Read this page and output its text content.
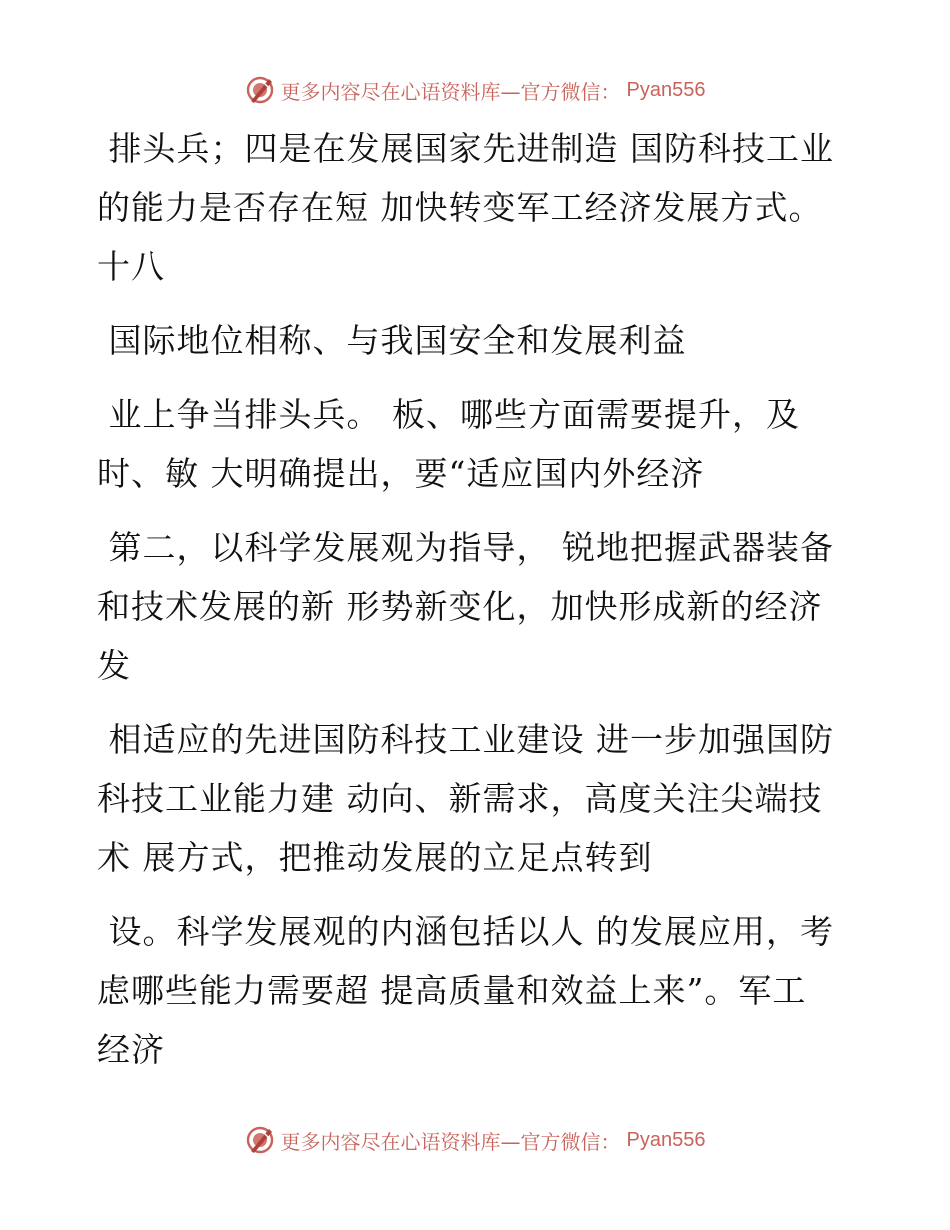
更多内容尽在心语资料库—官方微信： Pyan556
排头兵；四是在发展国家先进制造 国防科技工业
的能力是否存在短 加快转变军工经济发展方式。
十八
国际地位相称、与我国安全和发展利益
业上争当排头兵。 板、哪些方面需要提升，及
时、敏 大明确提出，要“适应国内外经济
第二，以科学发展观为指导， 锐地把握武器装备
和技术发展的新 形势新变化，加快形成新的经济
发
相适应的先进国防科技工业建设 进一步加强国防
科技工业能力建 动向、新需求，高度关注尖端技
术 展方式，把推动发展的立足点转到
设。科学发展观的内涵包括以人 的发展应用，考
虑哪些能力需要超 提高质量和效益上来”。军工
经济
更多内容尽在心语资料库—官方微信： Pyan556
